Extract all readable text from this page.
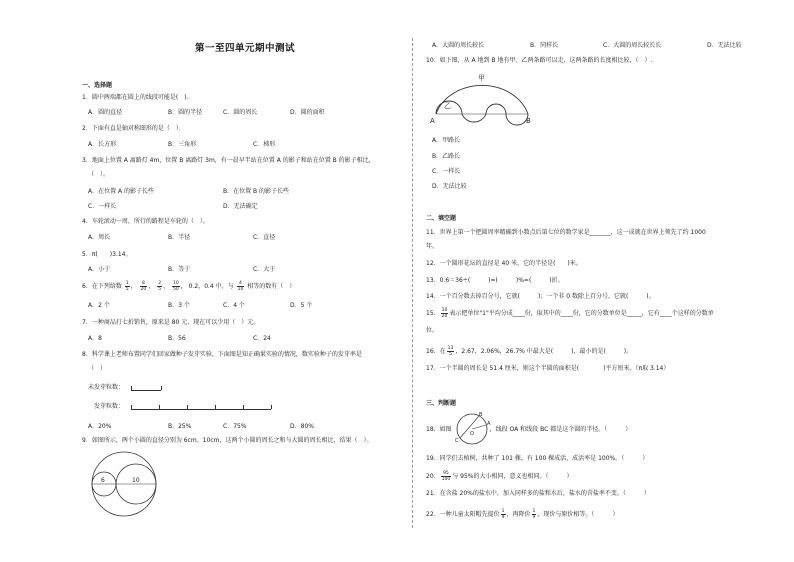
第一至四单元期中测试
一、选择题
1．圆中两端都在圆上的线段可能是(　)．
A．圆的直径	B．圆的半径	C．圆的周长	D．圆的面积
2．下面有直是轴对称图形的是（　）．
A．长方形	B．三角形	C．梯形
3．地面上位置 A 离路灯 4m，位置 B 离路灯 3m，有一晨早半站在位置 A 的影子和站在位置 B 的影子相比，
（　）。
A．在位置 A 的影子长些	B．在位置 B 的影子长些
C．一样长	D．无法确定
4．车轮滚动一周，所行的路程是车轮的（　）。
A．周长	B．半径	C．直径
5．π(　　)3.14。
A．小于	B．等于	C．大于
6．在下列给数 $\frac{1}{5}$ ， $\frac{8}{20}$ ， $\frac{2}{5}$ ， $\frac{10}{50}$ ， 0.2，0.4 中，与 $\frac{4}{10}$ 相等的数有（　）
A．2 个	B．3 个	C．4 个	D．5 个
7．一种商品打七折销售，原来是 80 元，现在可以少用（　）元。
A．8	B．56	C．24
8．科学课上老师布置同学们回家做种子发芽实验，下面图是知正确果实验的情况，数实验种子的发芽率是
（　）
未发芽粒数：
发芽粒数：
A．20%	B．25%	C．75%	D．80%
9．如图所示，两个小圆的直径分别为 6cm、10cm，这两个小圆的周长之和与大圆的周长相比，结果（　）。
6	10
A．大圆的周长较长	B．同样长	C．大圆的周长较长长	D．无法比较
10．如下图，从 A 地到 B 地有甲、乙两条路可以走，这两条路的长度相比较，（　）.
甲
乙
A	B
A．甲路长
B．乙路长
C．一样长
D．无法比较
二、填空题
11．世界上第一个把圆周率精确到小数点后第七位的数学家是_______，这一成就在世界上领先了约 1000
年。
12．一个圆形花坛的直径是 40 米，它的半径是(　　)米。
13．0.6＝36÷(　　　)=(　　　)%=(　　　)折。
14．一个百分数去掉百分号，它就(　　　)；一个非 0 数除上百分号，它就(　　　)。
15． $\frac{10}{20}$ 表示把单位"1"平均分成____份，取其中的____份，它的分数单位是_____，它有____个这样的分数单
位。
16．在 $\frac{13}{5}$ ，2.67，2.06%，26.7% 中最大是(　　　)，最小的是(　　　)。
17．一个半圆的周长是 51.4 厘米，则这个半圆的面积是(　　　　)平方厘米。（π取 3.14）
三、判断题
18．如图	，线段 OA 和线段 BC 都是这个圆的半径。（　　　）
A
O
C
B
19．同学们去植树，共种了 101 棵，有 100 棵成活，成活率是 100%。（　　　）
20． $\frac{95}{100}$ 与 95%的大小相同，意义也相同。（　　　）
21．在含盐 20%的盐水中，加入同样多的盐和水后，盐水的含盐率不变。（　　　）
22．一种儿童太阳帽先提价 $\frac{1}{9}$ ，再降价 $\frac{1}{9}$ ，现价与原价相等。（　　　）
